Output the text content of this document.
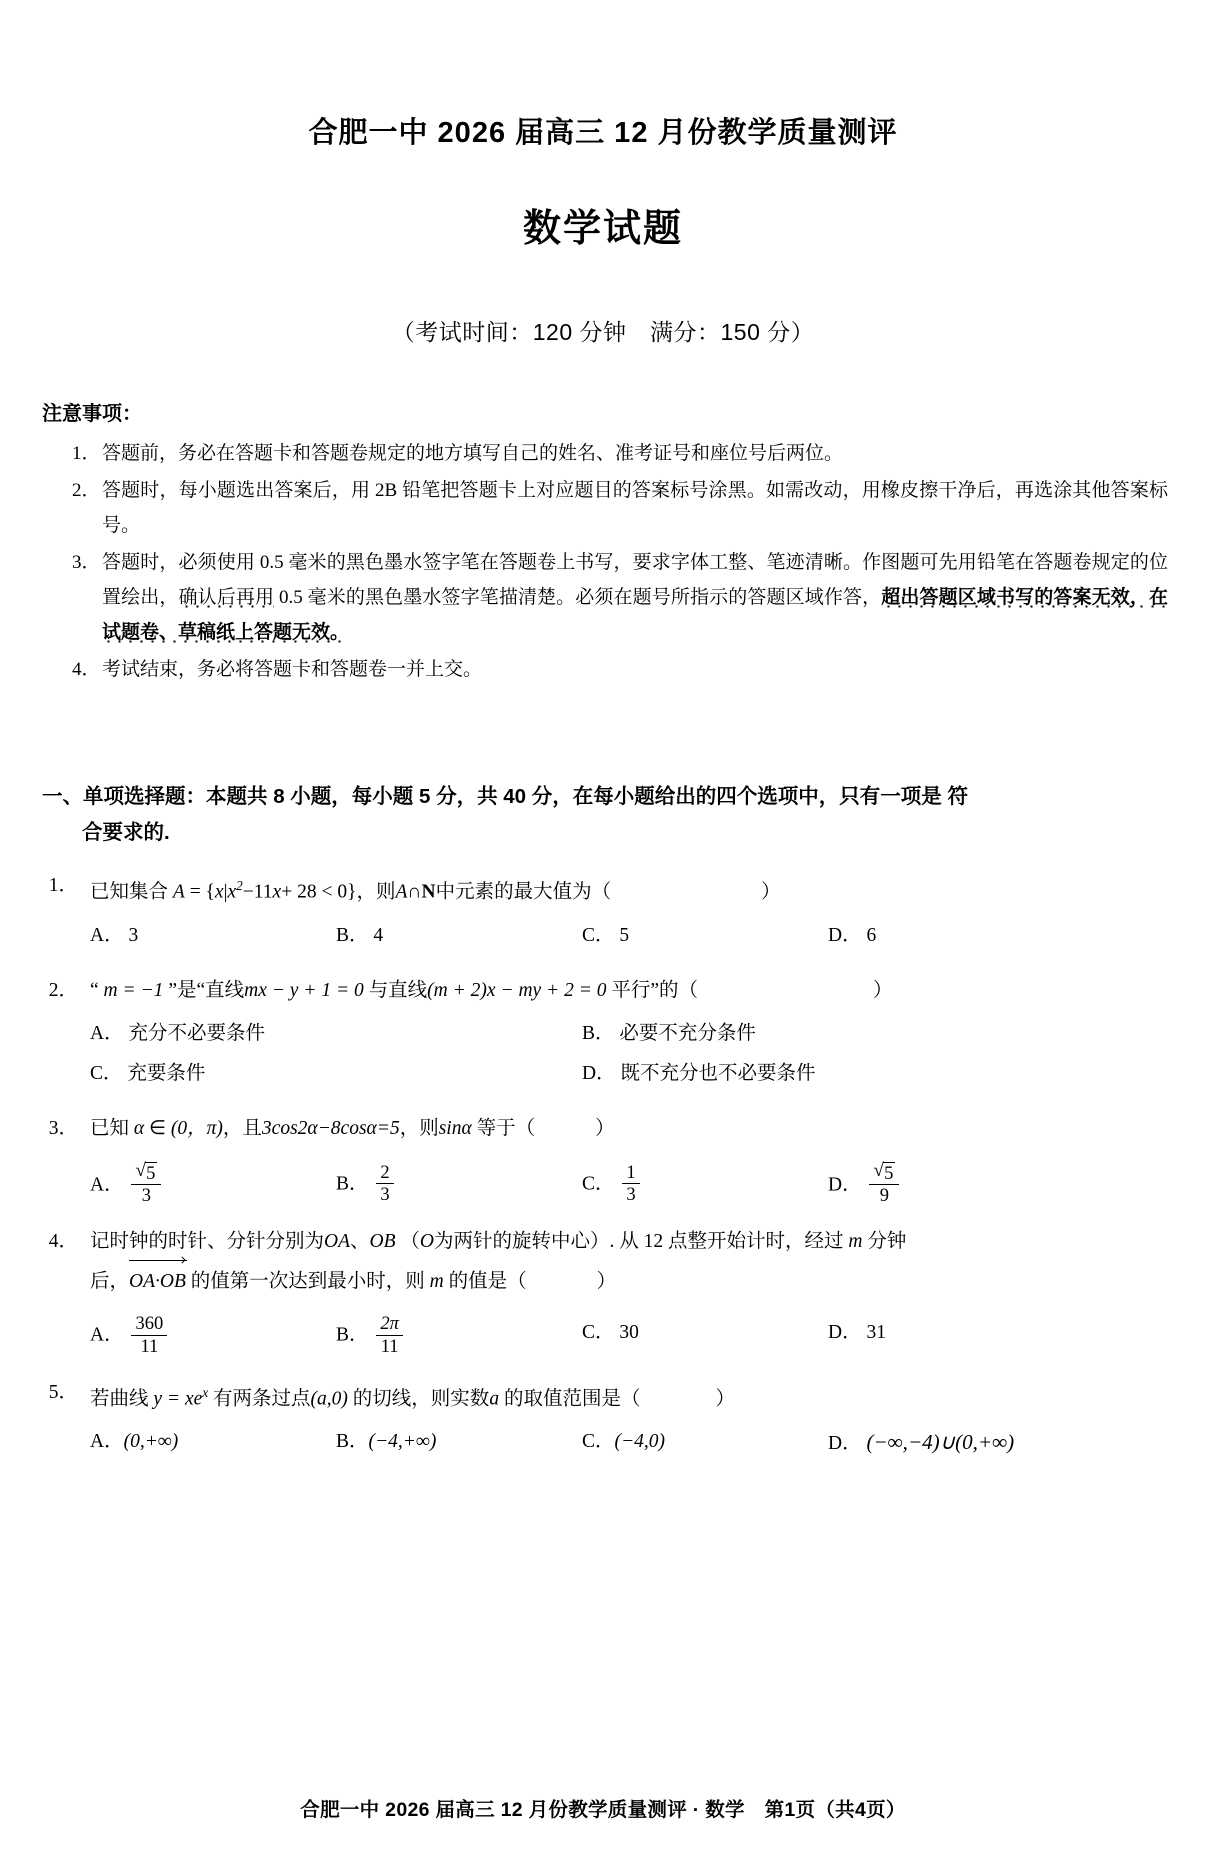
合肥一中 2026 届高三 12 月份教学质量测评
数学试题
（考试时间：120 分钟　满分：150 分）
注意事项：
1． 答题前，务必在答题卡和答题卷规定的地方填写自己的姓名、准考证号和座位号后两位。
2． 答题时，每小题选出答案后，用 2B 铅笔把答题卡上对应题目的答案标号涂黑。如需改动，用橡皮擦干净后，再选涂其他答案标号。
3． 答题时，必须使用 0.5 毫米的黑色墨水签字笔在答题卷上书写，要求字体工整、笔迹清晰。作图题可先用铅笔在答题卷规定的位置绘出，确认后再用 0.5 毫米的黑色墨水签字笔描清楚。必须在题号所指示的答题区域作答，超出答题区域书写的答案无效，在试题卷、草稿纸上答题无效。
4． 考试结束，务必将答题卡和答题卷一并上交。
一、单项选择题：本题共 8 小题，每小题 5 分，共 40 分，在每小题给出的四个选项中，只有一项是 符
合要求的.
1． 已知集合 $A = \{x|x^2-11x+ 28 < 0\}$，则A∩N中元素的最大值为（	）
A． 3	B． 4	C． 5	D． 6
2． “ m = −1 ”是“直线mx − y + 1 = 0 与直线(m + 2)x − my + 2 = 0 平行”的（	）
A． 充分不必要条件	B． 必要不充分条件
C． 充要条件	D． 既不充分也不必要条件
3． 已知 α ∈ (0，π)，且3cos2α−8cosα=5，则sinα 等于（	）
A． √ $\frac{5}{3}$	B． $\frac{2}{3}$	C． $\frac{1}{3}$	D． √ $\frac{5}{9}$
4． 记时钟的时针、分针分别为OA、OB （O为两针的旋转中心）. 从 12 点整开始计时，经过 m 分钟
后，OA·OB 的值第一次达到最小时，则 m 的值是（	）
A． $\frac{360}{11}$	B． $\frac{2\pi}{11}$	C． 30	D． 31
5． 若曲线 $y = xe^x$ 有两条过点(a,0) 的切线，则实数a 的取值范围是（	）
A．(0,+∞)	B．(−4,+∞)	C．(−4,0)	D． (−∞,−4)∪(0,+∞)
合肥一中 2026 届高三 12 月份教学质量测评 · 数学　第1页（共4页）
